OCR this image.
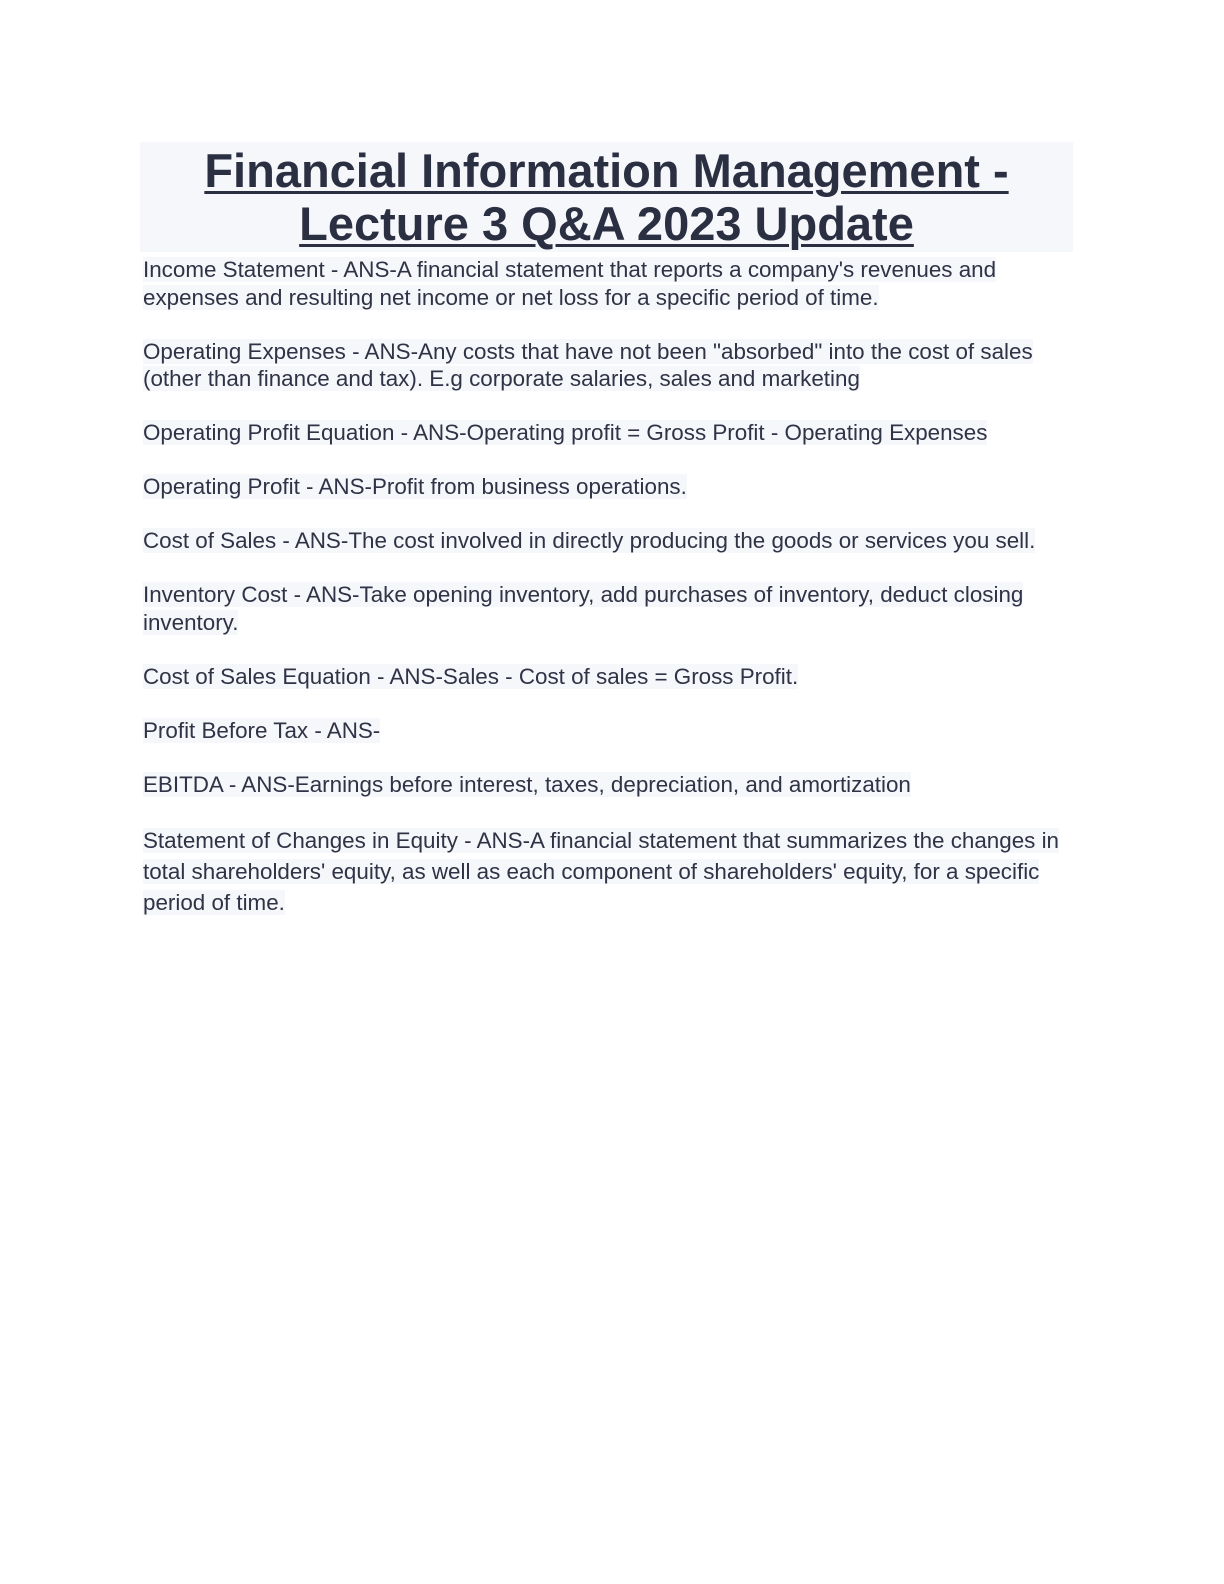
Financial Information Management -
Lecture 3 Q&A 2023 Update
Income Statement - ANS-A financial statement that reports a company's revenues and expenses and resulting net income or net loss for a specific period of time.
Operating Expenses - ANS-Any costs that have not been "absorbed" into the cost of sales (other than finance and tax). E.g corporate salaries, sales and marketing
Operating Profit Equation - ANS-Operating profit = Gross Profit - Operating Expenses
Operating Profit - ANS-Profit from business operations.
Cost of Sales - ANS-The cost involved in directly producing the goods or services you sell.
Inventory Cost - ANS-Take opening inventory, add purchases of inventory, deduct closing inventory.
Cost of Sales Equation - ANS-Sales - Cost of sales = Gross Profit.
Profit Before Tax - ANS-
EBITDA - ANS-Earnings before interest, taxes, depreciation, and amortization
Statement of Changes in Equity - ANS-A financial statement that summarizes the changes in total shareholders' equity, as well as each component of shareholders' equity, for a specific period of time.
